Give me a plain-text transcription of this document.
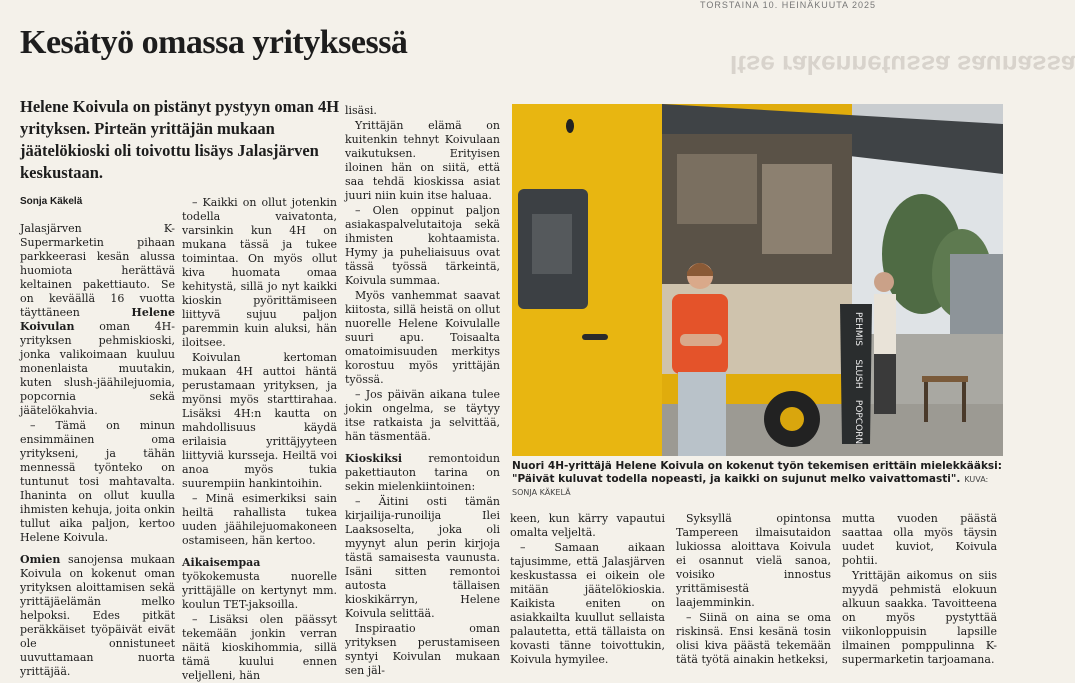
TORSTAINA 10. HEINÄKUUTA 2025
Itse rakennetussa saunassa
Kesätyö omassa yrityksessä
Helene Koivula on pistänyt pystyyn oman 4H yrityksen. Pirteän yrittäjän mukaan jäätelökioski oli toivottu lisäys Jalasjärven keskustaan.
Sonja Käkelä

Jalasjärven K-Supermarketin pihaan parkkeerasi kesän alussa huomiota herättävä keltainen pakettiauto. Se on keväällä 16 vuotta täyttäneen	Helene Koivulan oman 4H-yrityksen pehmiskioski, jonka valikoimaan kuuluu monenlaista muutakin, kuten slush-jäähilejuomia, popcornia sekä jäätelökahvia.

– Tämä on minun ensimmäinen oma yritykseni, ja tähän mennessä työnteko on tuntunut tosi mahtavalta. Ihaninta on ollut kuulla ihmisten kehuja, joita onkin tullut aika paljon, kertoo Helene Koivula.

Omien sanojensa mukaan Koivula on kokenut oman yrityksen aloittamisen sekä yrittäjäelämän melko helpoksi. Edes pitkät peräkkäiset työpäivät eivät ole onnistuneet uuvuttamaan nuorta yrittäjää.

– Kaikki on ollut jotenkin todella vaivatonta, varsinkin kun 4H on mukana tässä ja tukee toimintaa. On myös ollut kiva huomata omaa kehitystä, sillä jo nyt kaikki kioskin pyörittämiseen liittyvä sujuu paljon paremmin kuin aluksi, hän iloitsee.

Koivulan kertoman mukaan 4H auttoi häntä perustamaan yrityksen, ja myönsi myös starttirahaa. Lisäksi 4H:n kautta on mahdollisuus käydä erilaisia yrittäjyyteen liittyviä kursseja. Heiltä voi anoa myös tukia suurempiin hankintoihin.

– Minä esimerkiksi sain heiltä rahallista tukea uuden jäähilejuomakoneen ostamiseen, hän kertoo.

Aikaisempaa työkokemusta nuorelle yrittäjälle on kertynyt mm. koulun TET-jaksoilla.

– Lisäksi olen päässyt tekemään jonkin verran näitä kioskihommia, sillä tämä kuului ennen veljelleni, hän

lisäsi.

Yrittäjän elämä on kuitenkin tehnyt Koivulaan vaikutuksen. Erityisen iloinen hän on siitä, että saa tehdä kioskissa asiat juuri niin kuin itse haluaa.

– Olen oppinut paljon asiakaspalvelutaitoja sekä ihmisten kohtaamista. Hymy ja puheliaisuus ovat tässä työssä tärkeintä, Koivula summaa.

Myös vanhemmat saavat kiitosta, sillä heistä on ollut nuorelle Helene Koivulalle suuri apu. Toisaalta omatoimisuuden merkitys korostuu myös yrittäjän työssä.

– Jos päivän aikana tulee jokin ongelma, se täytyy itse ratkaista ja selvittää, hän täsmentää.

Kioskiksi remontoidun pakettiauton tarina on sekin mielenkiintoinen:

– Äitini osti tämän kirjailija-runoilija Ilei Laaksoselta, joka oli myynyt alun perin kirjoja tästä samaisesta vaunusta. Isäni sitten remontoi autosta tällaisen kioskikärryn, Helene Koivula selittää.

Inspiraatio oman yrityksen perustamiseen syntyi Koivulan mukaan sen jäl-

PEHMIS
SLUSH
POPCORN
Nuori 4H-yrittäjä Helene Koivula on kokenut työn tekemisen erittäin mielekkääksi: "Päivät kuluvat todella nopeasti, ja kaikki on sujunut melko vaivattomasti". KUVA: SONJA KÄKELÄ

keen, kun kärry vapautui omalta veljeltä.

– Samaan aikaan tajusimme, että Jalasjärven keskustassa ei oikein ole mitään jäätelökioskia. Kaikista eniten on asiakkailta kuullut sellaista palautetta, että tällaista on kovasti tänne toivottukin, Koivula hymyilee.

Syksyllä opintonsa Tampereen ilmaisutaidon lukiossa aloittava Koivula ei osannut vielä sanoa, voisiko innostus yrittämisestä laajemminkin.

– Siinä on aina se oma riskinsä. Ensi kesänä tosin olisi kiva päästä tekemään tätä työtä ainakin hetkeksi,

mutta vuoden päästä saattaa olla myös täysin uudet kuviot, Koivula pohtii.

Yrittäjän aikomus on siis myydä pehmistä elokuun alkuun saakka. Tavoitteena on myös pystyttää viikonloppuisin lapsille ilmainen pomppulinna K-supermarketin tarjoamana.
